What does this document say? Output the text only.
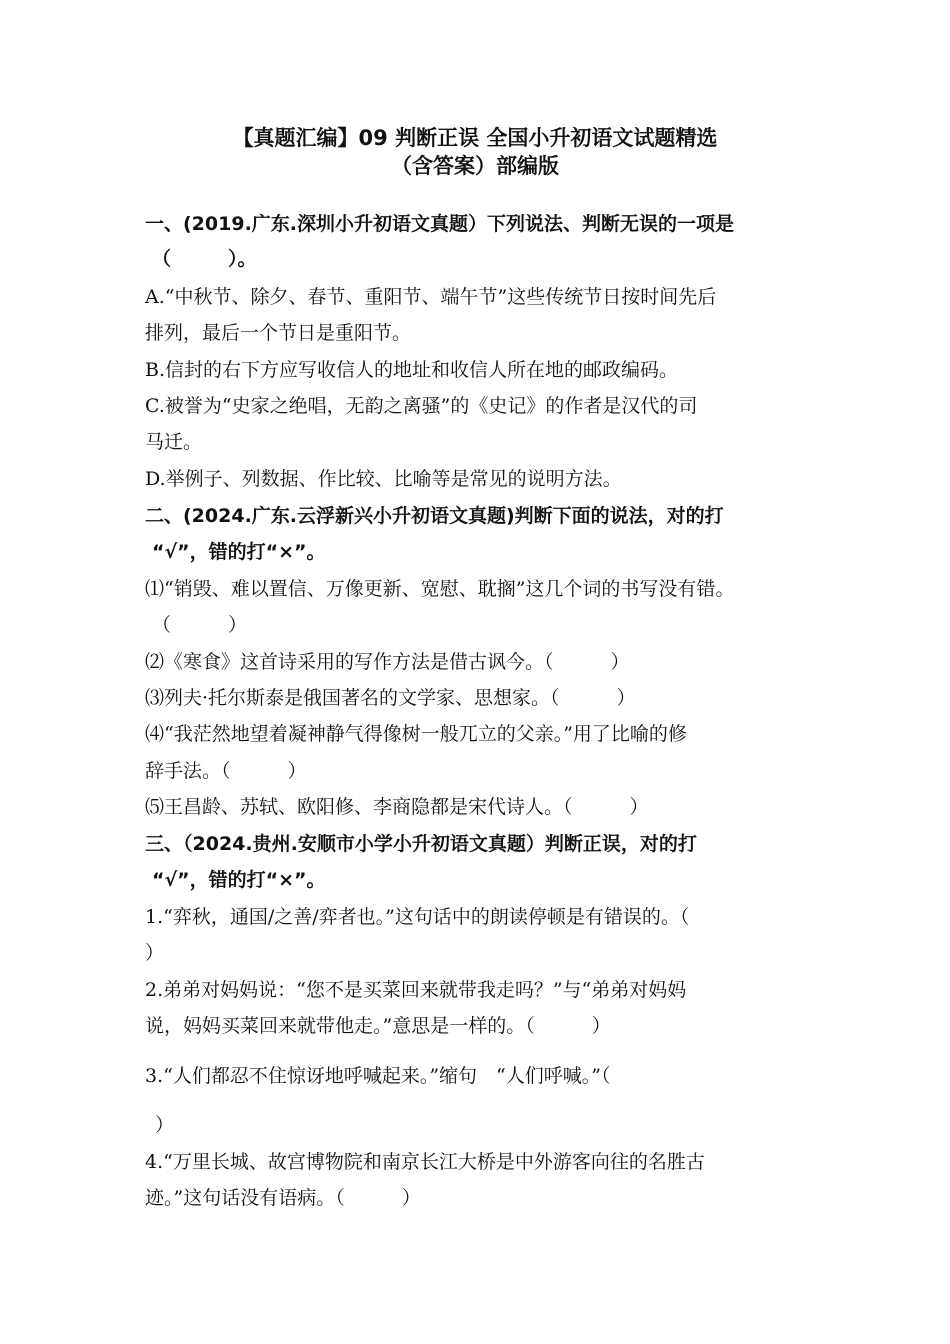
【真题汇编】09 判断正误 全国小升初语文试题精选
（含答案）部编版
一、(2019.广东.深圳小升初语文真题）下列说法、判断无误的一项是
（　　　）。
A.“中秋节、除夕、春节、重阳节、端午节”这些传统节日按时间先后
排列，最后一个节日是重阳节。
B.信封的右下方应写收信人的地址和收信人所在地的邮政编码。
C.被誉为“史家之绝唱，无韵之离骚”的《史记》的作者是汉代的司
马迁。
D.举例子、列数据、作比较、比喻等是常见的说明方法。
二、(2024.广东.云浮新兴小升初语文真题)判断下面的说法，对的打
“√”，错的打“×”。
⑴“销毁、难以置信、万像更新、宽慰、耽搁”这几个词的书写没有错。
（　　　）
⑵《寒食》这首诗采用的写作方法是借古讽今。（　　　）
⑶列夫·托尔斯泰是俄国著名的文学家、思想家。（　　　）
⑷“我茫然地望着凝神静气得像树一般兀立的父亲。”用了比喻的修
辞手法。（　　　）
⑸王昌龄、苏轼、欧阳修、李商隐都是宋代诗人。（　　　）
三、（2024.贵州.安顺市小学小升初语文真题）判断正误，对的打
“√”，错的打“×”。
1.“弈秋，通国/之善/弈者也。”这句话中的朗读停顿是有错误的。（
）
2.弟弟对妈妈说：“您不是买菜回来就带我走吗？”与“弟弟对妈妈
说，妈妈买菜回来就带他走。”意思是一样的。（　　　）
3.“人们都忍不住惊讶地呼喊起来。”缩句　“人们呼喊。”（
）
4.“万里长城、故宫博物院和南京长江大桥是中外游客向往的名胜古
迹。”这句话没有语病。（　　　）
